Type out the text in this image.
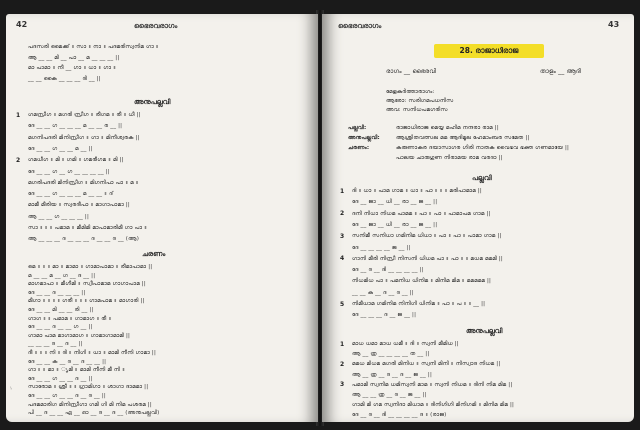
42	ഭൈരവരാഗം
പദസരി മൈക്ക് ॥ സാ ॥ നാ ॥ പദമരിസ്വനിമ ഗാ ॥
ആ __ __ മി __ പാ __ മ __ __ __ ||
മാ പാമാ ॥ നീ __ ഗാ ॥ ധാ ॥ ഗാ ॥
__ __ കൈ __ __ __ ദി __ ||
അനുപല്ലവി
1 ഗമസ്രീഗ ॥ മഗരി സ്രീഗ ॥ രീഗമ ॥ രീ ॥ ധീ ||
ദേ __ __ ഗ __ __ __ മ __ __ ര __ ||
മഗനിപദരി മിനിസ്രീഗ ॥ ഗാ ॥ മിനീശ്വരക ||
ദേ __ __ ഗ __ __ മ __ ||
2 ഗമധീഗ ॥ മി ॥ ഗമി ॥ ഗമരീഗമ ॥ മി ||
ദേ __ __ ഗ __ ഗ __ __ __ __ ||
മഗരിപദരി മിനിസ്രീഗ ॥ മിഗനിപാ പാ ॥ മ ॥
ദേ __ __ ഗ __ __ __ മ __ __ ॥ ദ്
മാമീ മീരിയ ॥ സ്വരദീപാ ॥ മാഗാപാമാ ||
ആ __ __ ഗ __ __ __ ||
സാ ॥ ॥ ॥ പമാമ ॥ മീമിമി മാപാമാരിമീ ഗാ പാ ॥
ആ __ __ __ ദ __ __ __ ദ __ __ ദ __ (ആ)
ചരണം
മെ ॥ ॥ ॥ മാ ॥ മാമാ ॥ ഗാമാപാമാ ॥ രീമാപാമാ ||
മ __ __ മ __ ഗ __ ദ __ ||
മാഗമാപാ ॥ മീഗീമി ॥ സ്വീപാമാമ ഗാഗാപാമ ||
ദേ __ __ ദ __ __ __ ||
മീഗാ ॥ ॥ ॥ ॥ ഗരീ ॥ ॥ ॥ ഗാമപാമ ॥ മാഗാരി ||
ദേ __ __ മി __ __ രി __ ||
ഗാഗ ॥ ॥ പമാമ ॥ ഗാമാഗ ॥ രീ ॥
ദേ __ __ ദ __ __ ഗ __ ||
ഗാമാ പാമ മാഗാമാഗ ॥ ഗാമാഗാമാമി ||
__ __ __ ദ __ ദ __ ||
ദീ ॥ ॥ ॥ നി ॥ ദി ॥ നിഗി ॥ ധാ ॥ മാമി നീനി ഗാമാ ||
ദേ __ __ ക __ ദ __ ദ __ __ ||
ഗാ ॥ ॥ മാ ॥ ൃമി ॥ മാമി നീനി മീ നി ॥
ദേ __ __ ഗ __ __ ദ __ ||
സാരോമ ॥ ശ്രീ ॥ ॥ ഗ്രാമിഗാ ॥ ശാഗാ ദാമമാ ||
ദേ __ __ ഗ __ __ ദ __ ദ __ ||
പദമമാരിഗ മിനിസ്രീഗാ ഗമി ഗി മി നിമ പശരമ ||
പി __ ദ __ __ ഏ __ ഓ __ ദ __ ദ __ (അനുപല്ലവി)
✓
ഭൈരവരാഗം	43
28. രാജാധിരാജ
രാഗം __ ഭൈരവി	താളം __ ആദി
മേളകർത്താരാഗം:
ആരോ: സരിഗമപധനിസ
അവ: സനിധപമഗരിസ
പല്ലവി:	രാജാധിരാജ മെയ്യ മഹിമ നന്ദരാ രാമ ||
അനുപല്ലവി:	ആശ്രിതവത്സല മമ ആദിമൂല ഹേമാംബര സമേത ||
ചരണം:	കരുണാകര ദയാസാഗര ഗിരി നാതക വൈഭവ ഭക്ത ഗണമായേ ||
പാലയ ചാരുഗുണ നിരാമയ രാമ വരദാ ||
പല്ലവി
1 ദി ॥ ധാ ॥ പാമ ഗാമ ॥ ധാ ॥ പാ ॥ ॥ ॥ മരിപാമാമ ||
ദേ __ ജാ __ ധി __ രാ __ ജ __ ||
2 ദനി നിധാ നിധമ പാമമ ॥ പാ ॥ പാ ॥ പാമാപമ ഗാമ ||
ദേ __ ജാ __ ധി __ രാ __ ജ __ ||
3 സനിമീ സനിധാ ഗമിനിമ ധിധാ ॥ പാ ॥ പാ ॥ പാമാ ഗാമ ||
ദേ __ __ __ __ ജ __ ||
4 ഗാനി മീരി നിസ്രീ നിസനി ധിധമ പാ ॥ പാ ॥ ॥ മധമ മമമി ||
ദേ __ ദ __ ദി __ __ __ __ ||
നിധമിധ പാ ॥ പമനിധ ധിനിമ ॥ മിനിമ മിമ ॥ മമമമമ ||
__ __ ക __ ദ __ ദ __ ||
5 നിമീധാമ ഗമിനിമ നിനിഗി ധിനിമ ॥ പാ ॥ പ ॥ ॥ __ ||
ദേ __ __ __ ദ __ ജ __ ||
അനുപല്ലവി
1 മാധ ധമാ മാധ ധമീ ॥ ദി ॥ സ്വനി മീമിധ ||
ആ __ ത്ര __ __ __ __ ത __ ||
2 മമധ മിധമ മഗരി മിനിധ ॥ സ്വനി മിനി ॥ നിസ്വാദ നിധമ ||
ആ __ ത്ര __ ദ __ ദ __ ജ __ ||
3 പമാമി സ്വനിമ ധമിസ്വനി മാമ ॥ സ്വനി നിധമ ॥ ദിനി നിമ മിമ ||
ആ __ __ ത്ര __ ദ __ ജ __ ||
ഗാമി മി ഗമ സ്വനിദാ മിധാമ ॥ ദിനിഗിഗി മിനിഗമി ॥ മിനിമ മിമ ||
ദേ __ ദ __ ദി __ __ __ __ ദ ॥ (രാജ)
